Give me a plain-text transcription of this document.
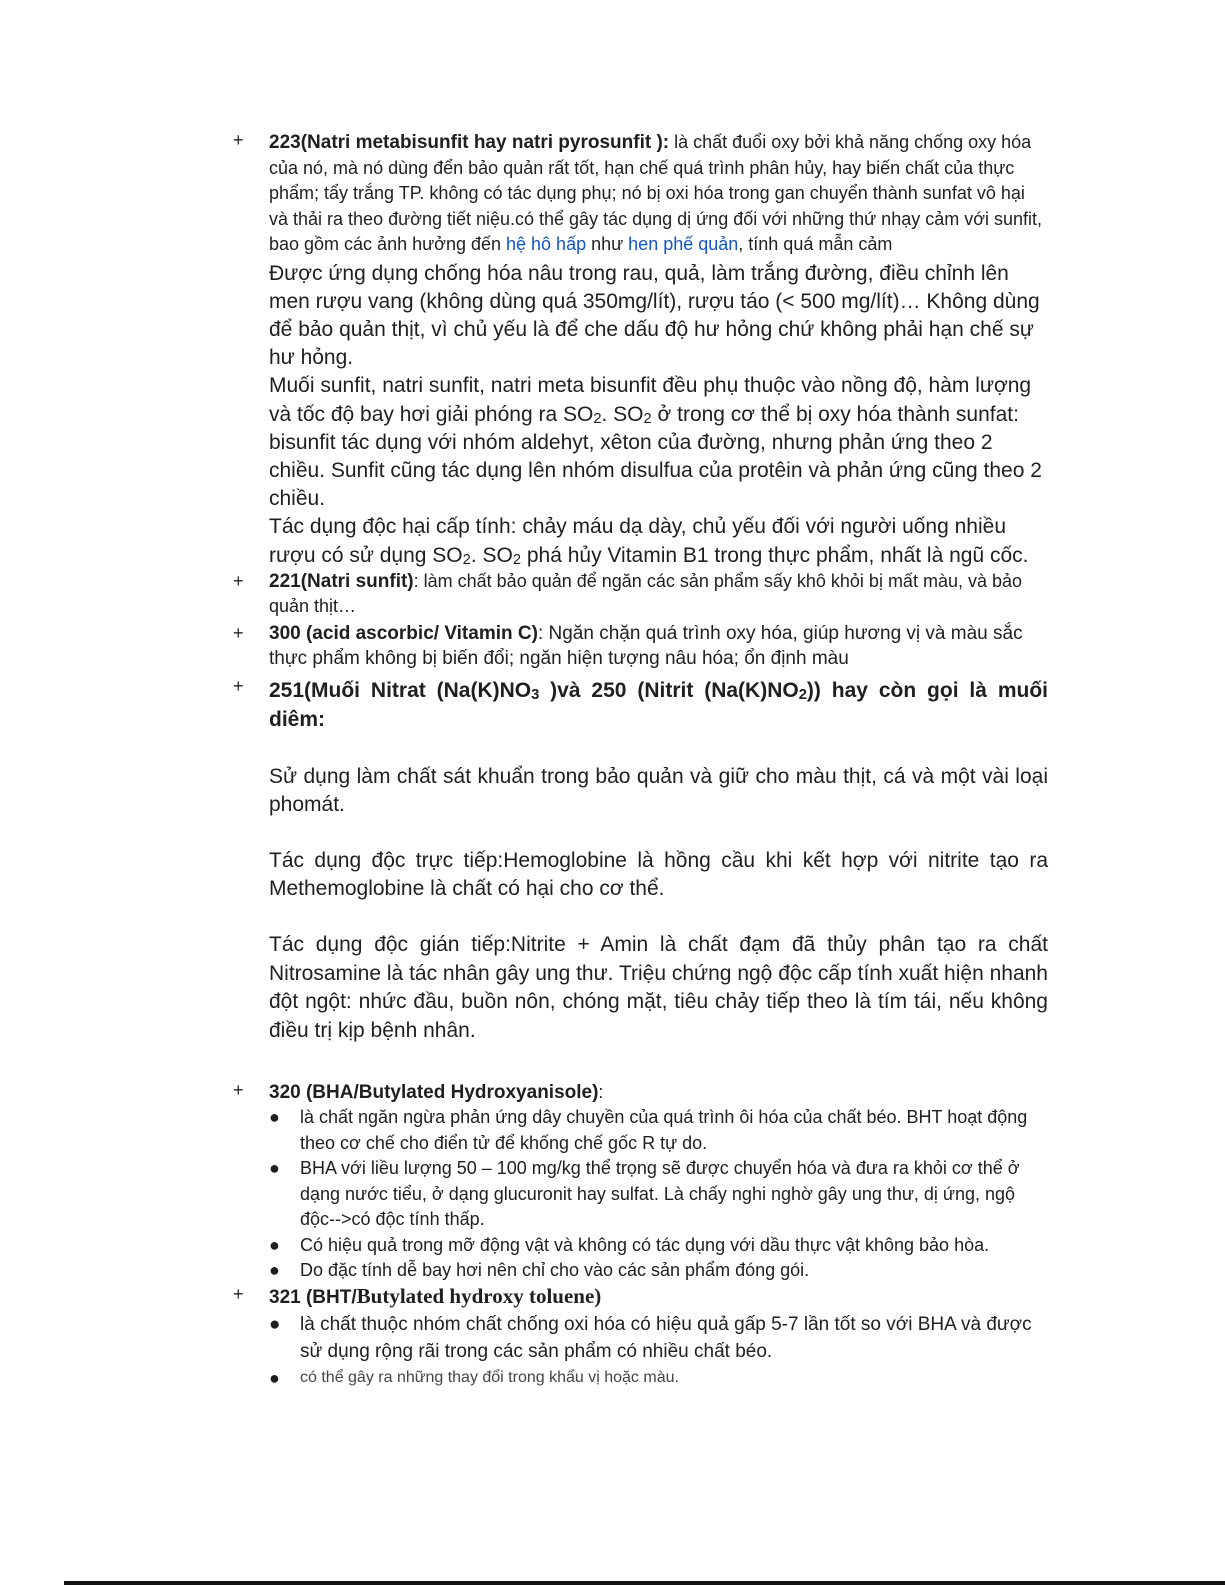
+ 223(Natri metabisunfit hay natri pyrosunfit ): là chất đuổi oxy bởi khả năng chống oxy hóa của nó, mà nó dùng đển bảo quản rất tốt, hạn chế quá trình phân hủy, hay biến chất của thực phẩm; tẩy trắng TP. không có tác dụng phụ; nó bị oxi hóa trong gan chuyển thành sunfat vô hại và thải ra theo đường tiết niệu.có thể gây tác dụng dị ứng đối với những thứ nhạy cảm với sunfit, bao gồm các ảnh hưởng đến hệ hô hấp như hen phế quản, tính quá mẫn cảm
Được ứng dụng chống hóa nâu trong rau, quả, làm trắng đường, điều chỉnh lên men rượu vang (không dùng quá 350mg/lít), rượu táo (< 500 mg/lít)… Không dùng để bảo quản thịt, vì chủ yếu là để che dấu độ hư hỏng chứ không phải hạn chế sự hư hỏng.
Muối sunfit, natri sunfit, natri meta bisunfit đều phụ thuộc vào nồng độ, hàm lượng và tốc độ bay hơi giải phóng ra $SO_2$. $SO_2$ ở trong cơ thể bị oxy hóa thành sunfat: bisunfit tác dụng với nhóm aldehyt, xêton của đường, nhưng phản ứng theo 2 chiều. Sunfit cũng tác dụng lên nhóm disulfua của protêin và phản ứng cũng theo 2 chiều.
Tác dụng độc hại cấp tính: chảy máu dạ dày, chủ yếu đối với người uống nhiều rượu có sử dụng $SO_2$. $SO_2$ phá hủy Vitamin B1 trong thực phẩm, nhất là ngũ cốc.
+ 221(Natri sunfit): làm chất bảo quản để ngăn các sản phẩm sấy khô khỏi bị mất màu, và bảo quản thịt…
+ 300 (acid ascorbic/ Vitamin C): Ngăn chặn quá trình oxy hóa, giúp hương vị và màu sắc thực phẩm không bị biến đổi; ngăn hiện tượng nâu hóa; ổn định màu
+ 251(Muối Nitrat ($Na(K)NO_3$ )và 250 (Nitrit $(Na(K)NO_2)$) hay còn gọi là muối diêm:
Sử dụng làm chất sát khuẩn trong bảo quản và giữ cho màu thịt, cá và một vài loại phomát.
Tác dụng độc trực tiếp:Hemoglobine là hồng cầu khi kết hợp với nitrite tạo ra Methemoglobine là chất có hại cho cơ thể.
Tác dụng độc gián tiếp:Nitrite + Amin là chất đạm đã thủy phân tạo ra chất Nitrosamine là tác nhân gây ung thư. Triệu chứng ngộ độc cấp tính xuất hiện nhanh đột ngột: nhức đầu, buồn nôn, chóng mặt, tiêu chảy tiếp theo là tím tái, nếu không điều trị kịp bệnh nhân.
+ 320 (BHA/Butylated Hydroxyanisole):
● là chất ngăn ngừa phản ứng dây chuyền của quá trình ôi hóa của chất béo. BHT hoạt động theo cơ chế cho điển tử để khống chế gốc R tự do.
● BHA với liều lượng 50 – 100 mg/kg thể trọng sẽ được chuyển hóa và đưa ra khỏi cơ thể ở dạng nước tiểu, ở dạng glucuronit hay sulfat. Là chấy nghi nghờ gây ung thư, dị ứng, ngộ độc-->có độc tính thấp.
● Có hiệu quả trong mỡ động vật và không có tác dụng với dầu thực vật không bảo hòa.
● Do đặc tính dễ bay hơi nên chỉ cho vào các sản phẩm đóng gói.
+ 321 (BHT/Butylated hydroxy toluene)
● là chất thuộc nhóm chất chống oxi hóa có hiệu quả gấp 5-7 lần tốt so với BHA và được sử dụng rộng rãi trong các sản phẩm có nhiều chất béo.
● có thể gây ra những thay đổi trong khẩu vị hoặc màu.
